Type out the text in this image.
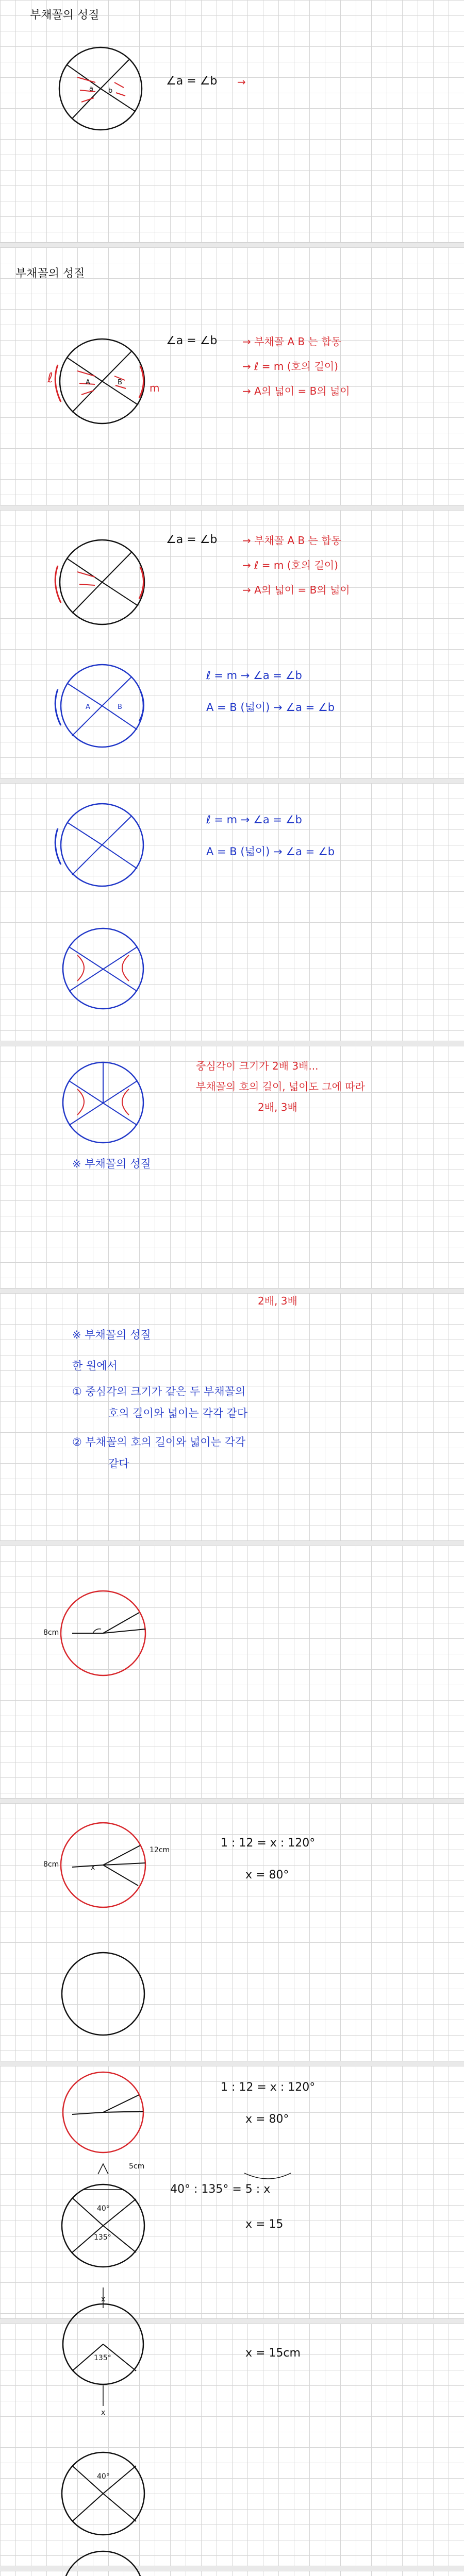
부채꼴의 성질
a b
∠a = ∠b →
부채꼴의 성질
A	B
ℓ
m
∠a = ∠b → 부채꼴 A B 는 합동
→ ℓ = m (호의 길이)
→ A의 넓이 = B의 넓이
A	B
∠a = ∠b → 부채꼴 A B 는 합동
→ ℓ = m (호의 길이)
→ A의 넓이 = B의 넓이
ℓ = m → ∠a = ∠b
A = B (넓이) → ∠a = ∠b
ℓ = m → ∠a = ∠b
A = B (넓이) → ∠a = ∠b
중심각이 크기가 2배 3배...
부채꼴의 호의 길이, 넓이도 그에 따라
2배, 3배
※ 부채꼴의 성질
2배, 3배
※ 부채꼴의 성질
한 원에서
① 중심각의 크기가 같은 두 부채꼴의
호의 길이와 넓이는 각각 같다
② 부채꼴의 호의 길이와 넓이는 각각
같다
8cm
8cm
12cm
x
1 : 12 = x : 120°
x = 80°
1 : 12 = x : 120°
x = 80°
5cm
40°
135°
x
40° : 135° = 5 : x
x = 15
135°
x
x = 15cm
40°
